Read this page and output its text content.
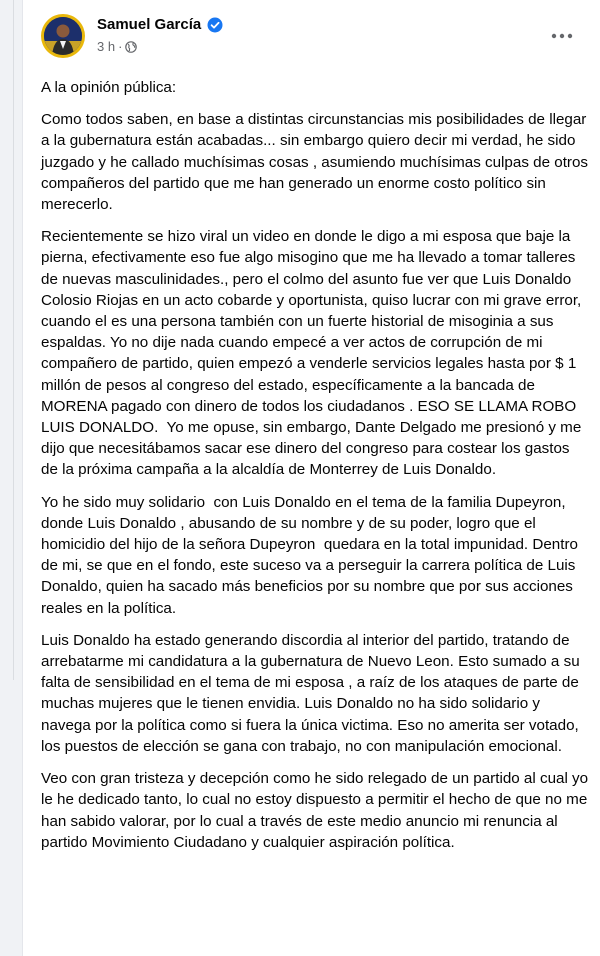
Samuel García
3 h ·

A la opinión pública:

Como todos saben, en base a distintas circunstancias mis posibilidades de llegar a la gubernatura están acabadas... sin embargo quiero decir mi verdad, he sido juzgado y he callado muchísimas cosas , asumiendo muchísimas culpas de otros compañeros del partido que me han generado un enorme costo político sin merecerlo.

Recientemente se hizo viral un video en donde le digo a mi esposa que baje la pierna, efectivamente eso fue algo misogino que me ha llevado a tomar talleres de nuevas masculinidades., pero el colmo del asunto fue ver que Luis Donaldo Colosio Riojas en un acto cobarde y oportunista, quiso lucrar con mi grave error, cuando el es una persona también con un fuerte historial de misoginia a sus espaldas. Yo no dije nada cuando empecé a ver actos de corrupción de mi compañero de partido, quien empezó a venderle servicios legales hasta por $ 1 millón de pesos al congreso del estado, específicamente a la bancada de MORENA pagado con dinero de todos los ciudadanos . ESO SE LLAMA ROBO LUIS DONALDO.  Yo me opuse, sin embargo, Dante Delgado me presionó y me dijo que necesitábamos sacar ese dinero del congreso para costear los gastos de la próxima campaña a la alcaldía de Monterrey de Luis Donaldo.

Yo he sido muy solidario  con Luis Donaldo en el tema de la familia Dupeyron, donde Luis Donaldo , abusando de su nombre y de su poder, logro que el homicidio del hijo de la señora Dupeyron  quedara en la total impunidad. Dentro de mi, se que en el fondo, este suceso va a perseguir la carrera política de Luis Donaldo, quien ha sacado más beneficios por su nombre que por sus acciones reales en la política.

Luis Donaldo ha estado generando discordia al interior del partido, tratando de arrebatarme mi candidatura a la gubernatura de Nuevo Leon. Esto sumado a su falta de sensibilidad en el tema de mi esposa , a raíz de los ataques de parte de muchas mujeres que le tienen envidia. Luis Donaldo no ha sido solidario y navega por la política como si fuera la única victima. Eso no amerita ser votado, los puestos de elección se gana con trabajo, no con manipulación emocional.

Veo con gran tristeza y decepción como he sido relegado de un partido al cual yo le he dedicado tanto, lo cual no estoy dispuesto a permitir el hecho de que no me han sabido valorar, por lo cual a través de este medio anuncio mi renuncia al partido Movimiento Ciudadano y cualquier aspiración política.
